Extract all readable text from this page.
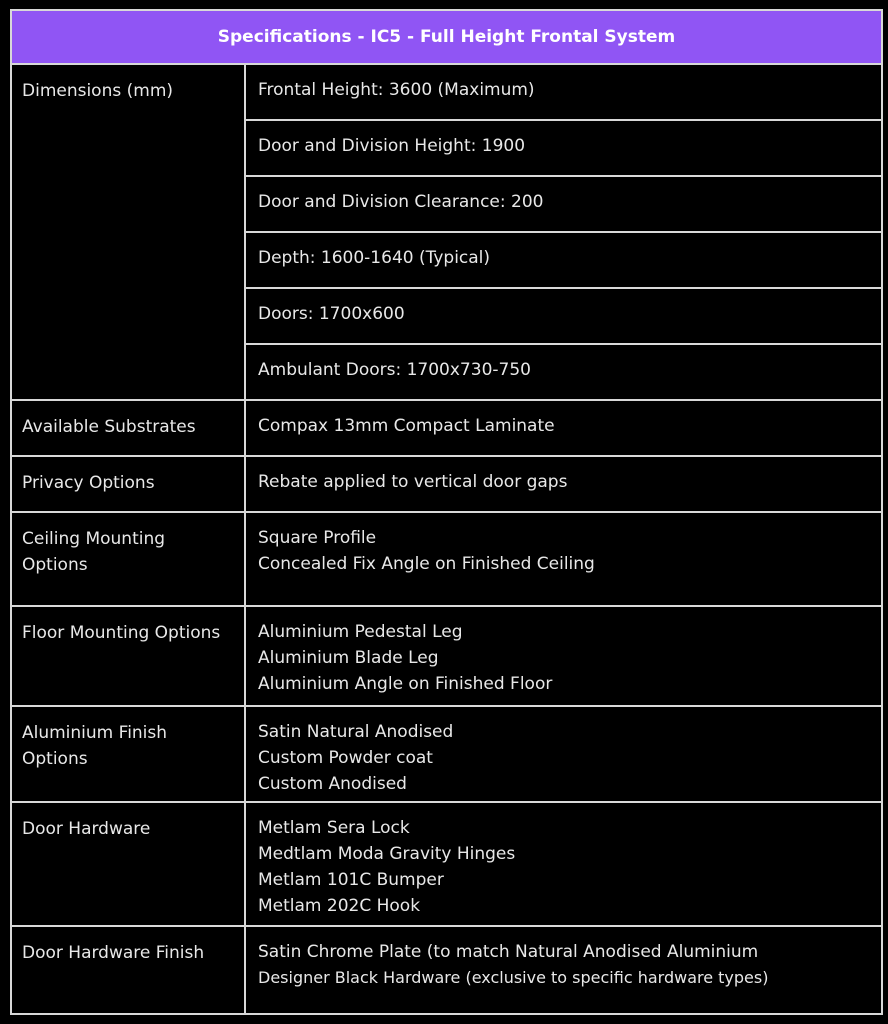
Specifications - IC5 - Full Height Frontal System	
Dimensions (mm)	Frontal Height: 3600 (Maximum)
	Door and Division Height: 1900
	Door and Division Clearance: 200
	Depth: 1600-1640 (Typical)
	Doors: 1700x600
	Ambulant Doors: 1700x730-750
Available Substrates	Compax 13mm Compact Laminate

Privacy Options	Rebate applied to vertical door gaps

Ceiling Mounting Options	Square Profile
Concealed Fix Angle on Finished Ceiling

Floor Mounting Options	Aluminium Pedestal Leg
Aluminium Blade Leg
Aluminium Angle on Finished Floor

Aluminium Finish Options	Satin Natural Anodised
Custom Powder coat
Custom Anodised

Door Hardware	Metlam Sera Lock
Medtlam Moda Gravity Hinges
Metlam 101C Bumper
Metlam 202C Hook

Door Hardware Finish	Satin Chrome Plate (to match Natural Anodised Aluminium
Designer Black Hardware (exclusive to specific hardware types)
